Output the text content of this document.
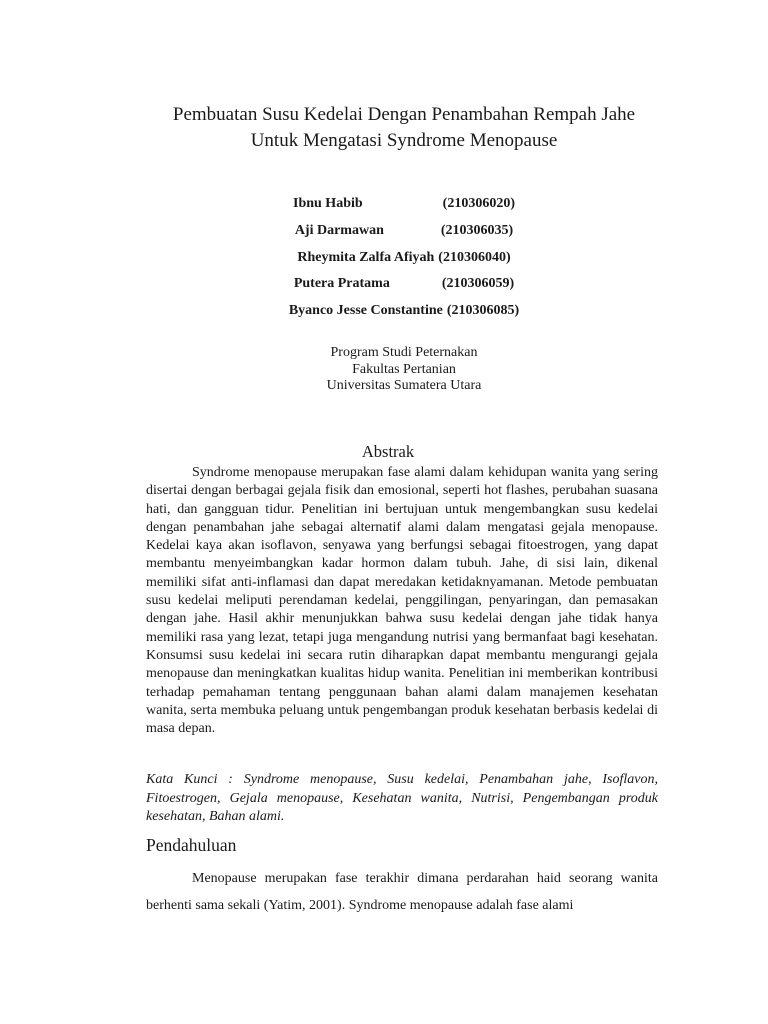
Pembuatan Susu Kedelai Dengan Penambahan Rempah Jahe
Untuk Mengatasi Syndrome Menopause
Ibnu Habib	(210306020)
Aji Darmawan	(210306035)
Rheymita Zalfa Afiyah (210306040)
Putera Pratama	(210306059)
Byanco Jesse Constantine (210306085)
Program Studi Peternakan
Fakultas Pertanian
Universitas Sumatera Utara
Abstrak
Syndrome menopause merupakan fase alami dalam kehidupan wanita yang sering disertai dengan berbagai gejala fisik dan emosional, seperti hot flashes, perubahan suasana hati, dan gangguan tidur. Penelitian ini bertujuan untuk mengembangkan susu kedelai dengan penambahan jahe sebagai alternatif alami dalam mengatasi gejala menopause. Kedelai kaya akan isoflavon, senyawa yang berfungsi sebagai fitoestrogen, yang dapat membantu menyeimbangkan kadar hormon dalam tubuh. Jahe, di sisi lain, dikenal memiliki sifat anti-inflamasi dan dapat meredakan ketidaknyamanan. Metode pembuatan susu kedelai meliputi perendaman kedelai, penggilingan, penyaringan, dan pemasakan dengan jahe. Hasil akhir menunjukkan bahwa susu kedelai dengan jahe tidak hanya memiliki rasa yang lezat, tetapi juga mengandung nutrisi yang bermanfaat bagi kesehatan. Konsumsi susu kedelai ini secara rutin diharapkan dapat membantu mengurangi gejala menopause dan meningkatkan kualitas hidup wanita. Penelitian ini memberikan kontribusi terhadap pemahaman tentang penggunaan bahan alami dalam manajemen kesehatan wanita, serta membuka peluang untuk pengembangan produk kesehatan berbasis kedelai di masa depan.
Kata Kunci : Syndrome menopause, Susu kedelai, Penambahan jahe, Isoflavon, Fitoestrogen, Gejala menopause, Kesehatan wanita, Nutrisi, Pengembangan produk kesehatan, Bahan alami.
Pendahuluan
Menopause merupakan fase terakhir dimana perdarahan haid seorang wanita berhenti sama sekali (Yatim, 2001). Syndrome menopause adalah fase alami
